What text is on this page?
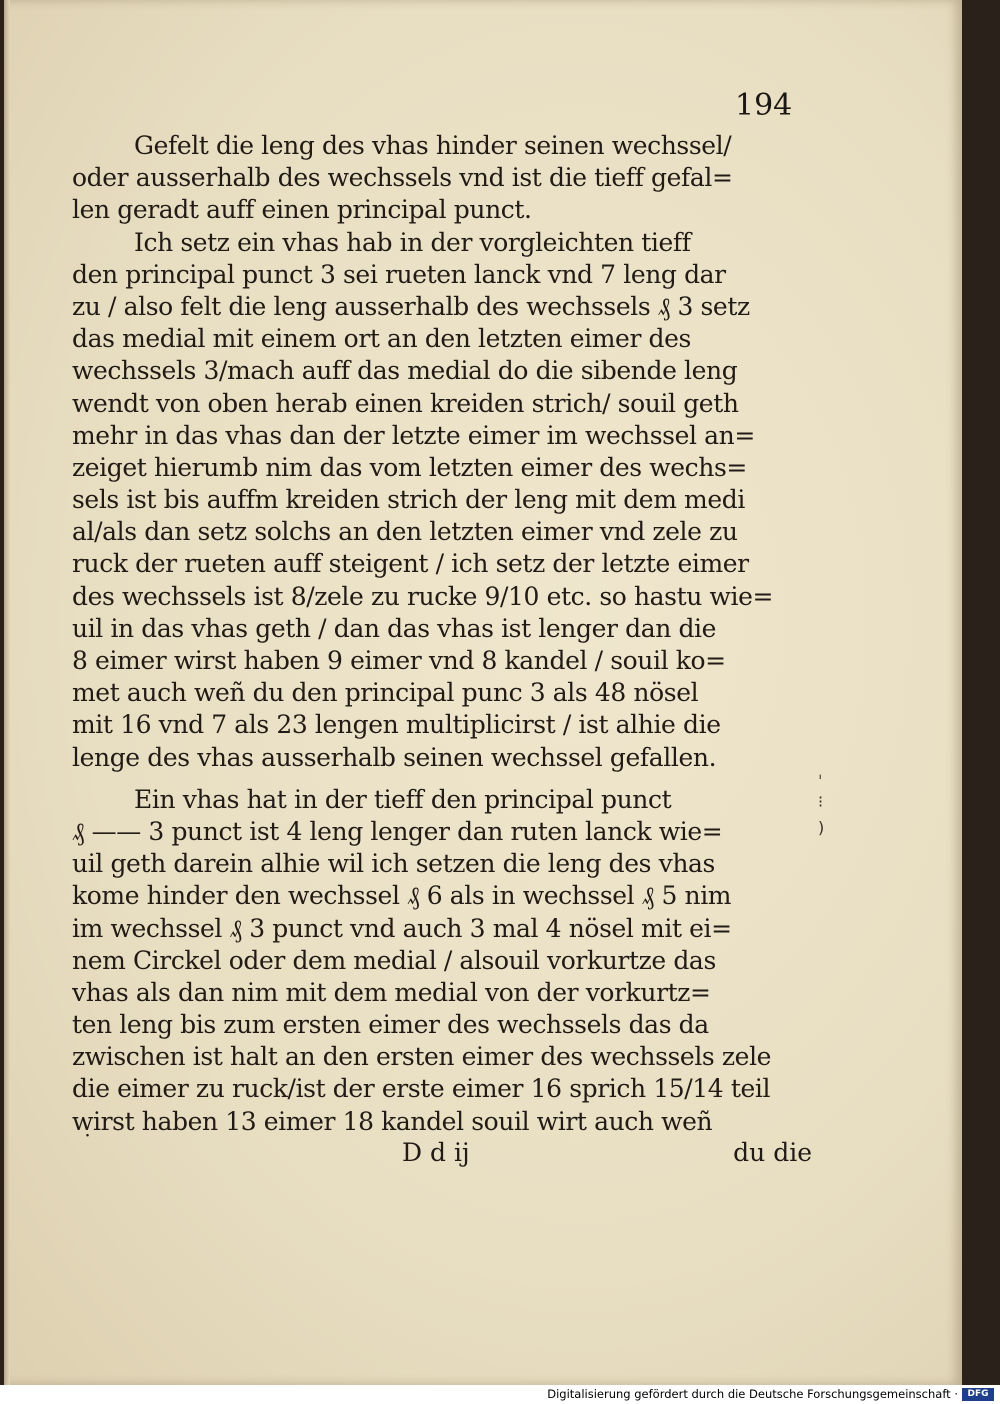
194
Gefelt die leng des vhas hinder seinen wechssel/
oder ausserhalb des wechssels vnd ist die tieff gefal=
len geradt auff einen principal punct.
Ich setz ein vhas hab in der vorgleichten tieff
den principal punct 3 sei rueten lanck vnd 7 leng dar
zu / also felt die leng ausserhalb des wechssels ₰ 3 setz
das medial mit einem ort an den letzten eimer des
wechssels 3/mach auff das medial do die sibende leng
wendt von oben herab einen kreiden strich/ souil geth
mehr in das vhas dan der letzte eimer im wechssel an=
zeiget hierumb nim das vom letzten eimer des wechs=
sels ist bis auffm kreiden strich der leng mit dem medi
al/als dan setz solchs an den letzten eimer vnd zele zu
ruck der rueten auff steigent / ich setz der letzte eimer
des wechssels ist 8/zele zu rucke 9/10 etc. so hastu wie=
uil in das vhas geth / dan das vhas ist lenger dan die
8 eimer wirst haben 9 eimer vnd 8 kandel / souil ko=
met auch weñ du den principal punc 3 als 48 nösel
mit 16 vnd 7 als 23 lengen multiplicirst / ist alhie die
lenge des vhas ausserhalb seinen wechssel gefallen.
Ein vhas hat in der tieff den principal punct
₰ —— 3 punct ist 4 leng lenger dan ruten lanck wie=
uil geth darein alhie wil ich setzen die leng des vhas
kome hinder den wechssel ₰ 6 als in wechssel ₰ 5 nim
im wechssel ₰ 3 punct vnd auch 3 mal 4 nösel mit ei=
nem Circkel oder dem medial / alsouil vorkurtze das
vhas als dan nim mit dem medial von der vorkurtz=
ten leng bis zum ersten eimer des wechssels das da
zwischen ist halt an den ersten eimer des wechssels zele
die eimer zu ruck/ist der erste eimer 16 sprich 15/14 teil
wirst haben 13 eimer 18 kandel souil wirt auch weñ
ˈ
⁝
)
˙	D d ij	du die
Digitalisierung gefördert durch die Deutsche Forschungsgemeinschaft ·	DFG
